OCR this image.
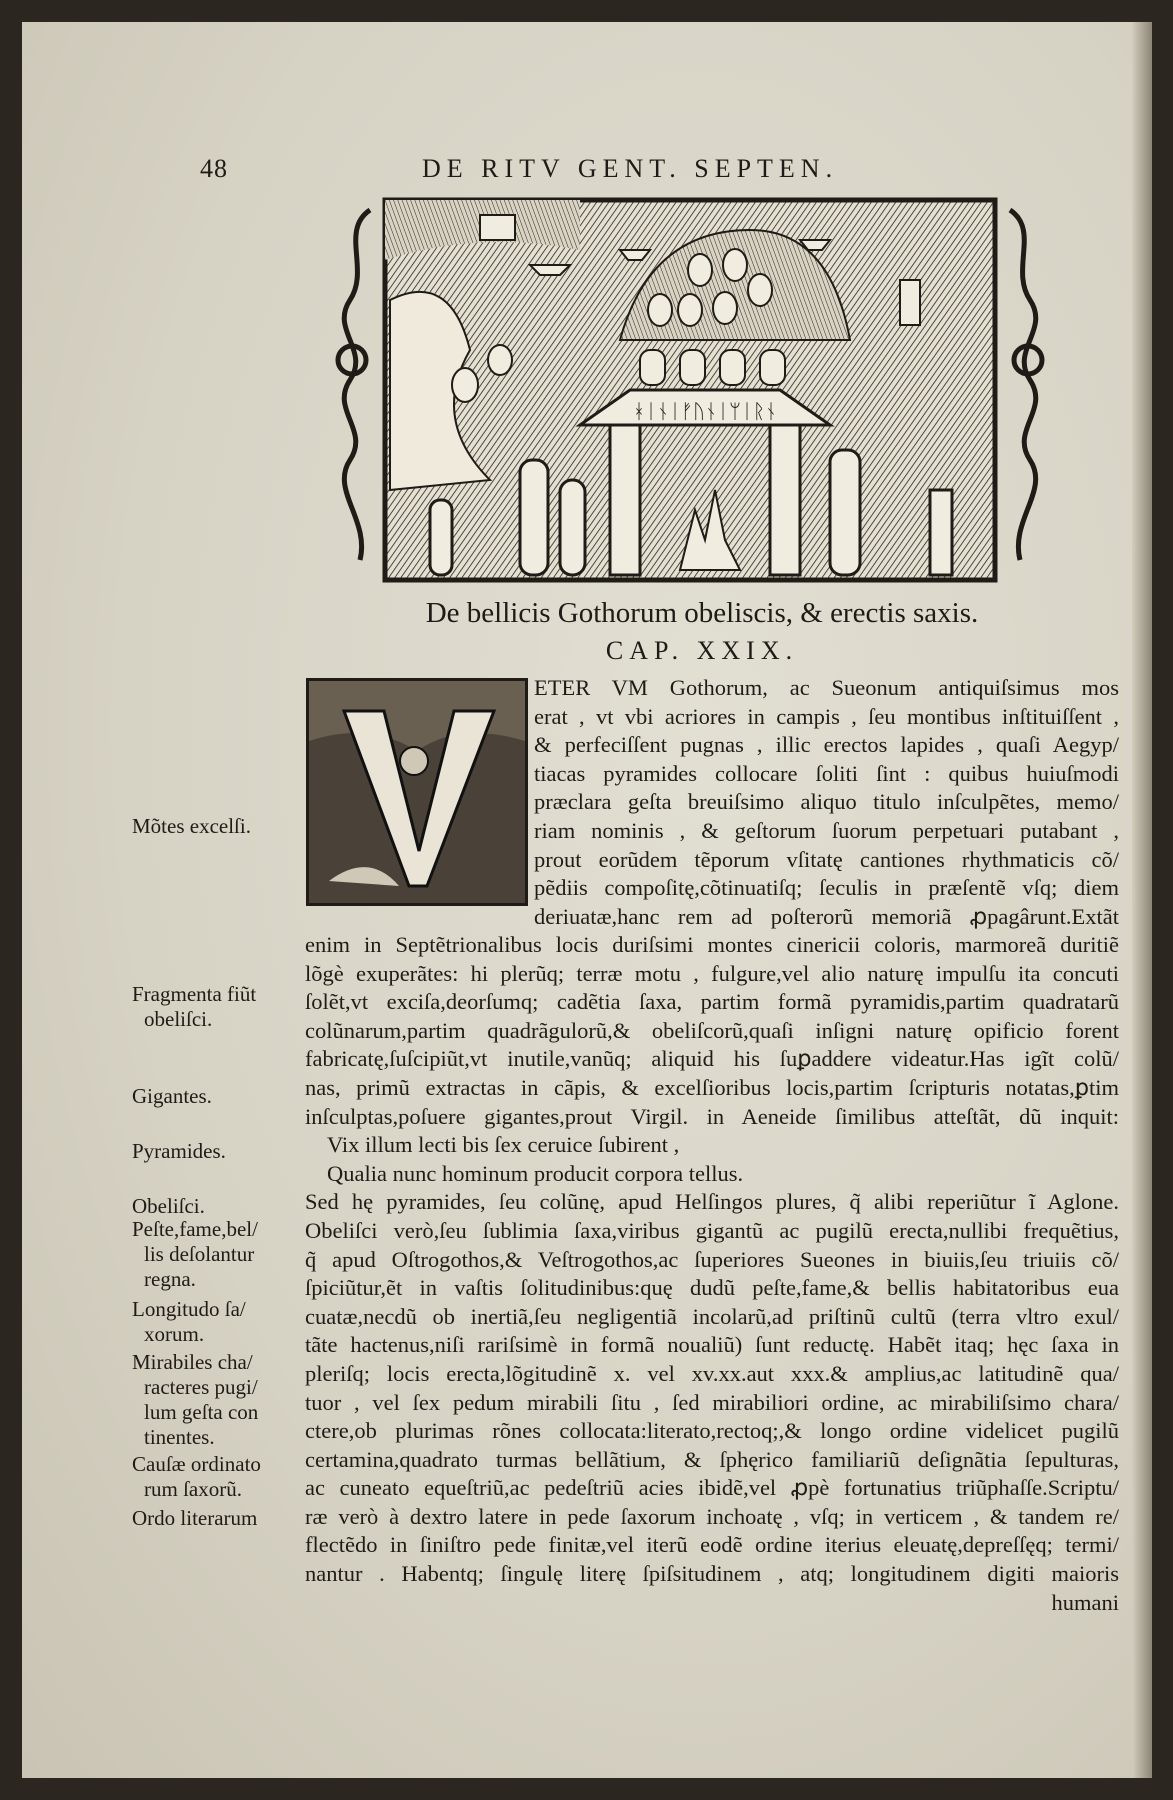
48	DE RITV GENT. SEPTEN.
ᚼᛁᚾᛁᚠᚢᚾᛁᛘᛁᚱᚾ
De bellicis Gothorum obeliscis, & erectis saxis.
CAP. XXIX.
V
ETER VM Gothorum, ac Sueonum antiquiſsimus mos
erat , vt vbi acriores in campis , ſeu montibus inſtituiſſent ,
& perfeciſſent pugnas , illic erectos lapides , quaſi Aegyp/
tiacas pyramides collocare ſoliti ſint : quibus huiuſmodi
præclara geſta breuiſsimo aliquo titulo inſculpẽtes, memo/
riam nominis , & geſtorum ſuorum perpetuari putabant ,
prout eorũdem tẽporum vſitatę cantiones rhythmaticis cõ/
pẽdiis compoſitę,cõtinuatiſq; ſeculis in præſentẽ vſq; diem
deriuatæ,hanc rem ad poſterorũ memoriã ꝓpagârunt.Extãt
enim in Septẽtrionalibus locis duriſsimi montes cinericii coloris, marmoreã duritiẽ
lõgè exuperãtes: hi plerũq; terræ motu , fulgure,vel alio naturę impulſu ita concuti
ſolẽt,vt exciſa,deorſumq; cadẽtia ſaxa, partim formã pyramidis,partim quadratarũ
colũnarum,partim quadrãgulorũ,& obeliſcorũ,quaſi inſigni naturę opificio forent
fabricatę,ſuſcipiũt,vt inutile,vanũq; aliquid his ſuꝑaddere videatur.Has igĩt colũ/
nas, primũ extractas in cãpis, & excelſioribus locis,partim ſcripturis notatas,ꝑtim
inſculptas,poſuere gigantes,prout Virgil. in Aeneide ſimilibus atteſtãt, dũ inquit:
Vix illum lecti bis ſex ceruice ſubirent ,
Qualia nunc hominum producit corpora tellus.
Sed hę pyramides, ſeu colũnę, apud Helſingos plures, q̃ alibi reperiũtur ĩ Aglone.
Obeliſci verò,ſeu ſublimia ſaxa,viribus gigantũ ac pugilũ erecta,nullibi frequẽtius,
q̃ apud Oſtrogothos,& Veſtrogothos,ac ſuperiores Sueones in biuiis,ſeu triuiis cõ/
ſpiciũtur,ẽt in vaſtis ſolitudinibus:quę dudũ peſte,fame,& bellis habitatoribus eua
cuatæ,necdũ ob inertiã,ſeu negligentiã incolarũ,ad priſtinũ cultũ (terra vltro exul/
tãte hactenus,niſi rariſsimè in formã noualiũ) ſunt reductę. Habẽt itaq; hęc ſaxa in
pleriſq; locis erecta,lõgitudinẽ x. vel xv.xx.aut xxx.& amplius,ac latitudinẽ qua/
tuor , vel ſex pedum mirabili ſitu , ſed mirabiliori ordine, ac mirabiliſsimo chara/
ctere,ob plurimas rõnes collocata:literato,rectoq;,& longo ordine videlicet pugilũ
certamina,quadrato turmas bellãtium, & ſphęrico familiariũ deſignãtia ſepulturas,
ac cuneato equeſtriũ,ac pedeſtriũ acies ibidẽ,vel ꝓpè fortunatius triũphaſſe.Scriptu/
ræ verò à dextro latere in pede ſaxorum inchoatę , vſq; in verticem , & tandem re/
flectẽdo in ſiniſtro pede finitæ,vel iterũ eodẽ ordine iterius eleuatę,depreſſęq; termi/
nantur . Habentq; ſingulę literę ſpiſsitudinem , atq; longitudinem digiti maioris
humani
Mõtes excelſi.
Fragmenta fiũt
obeliſci.
Gigantes.
Pyramides.
Obeliſci.
Peſte,fame,bel/
lis deſolantur
regna.
Longitudo ſa/
xorum.
Mirabiles cha/
racteres pugi/
lum geſta con
tinentes.
Cauſæ ordinato
rum ſaxorũ.
Ordo literarum
